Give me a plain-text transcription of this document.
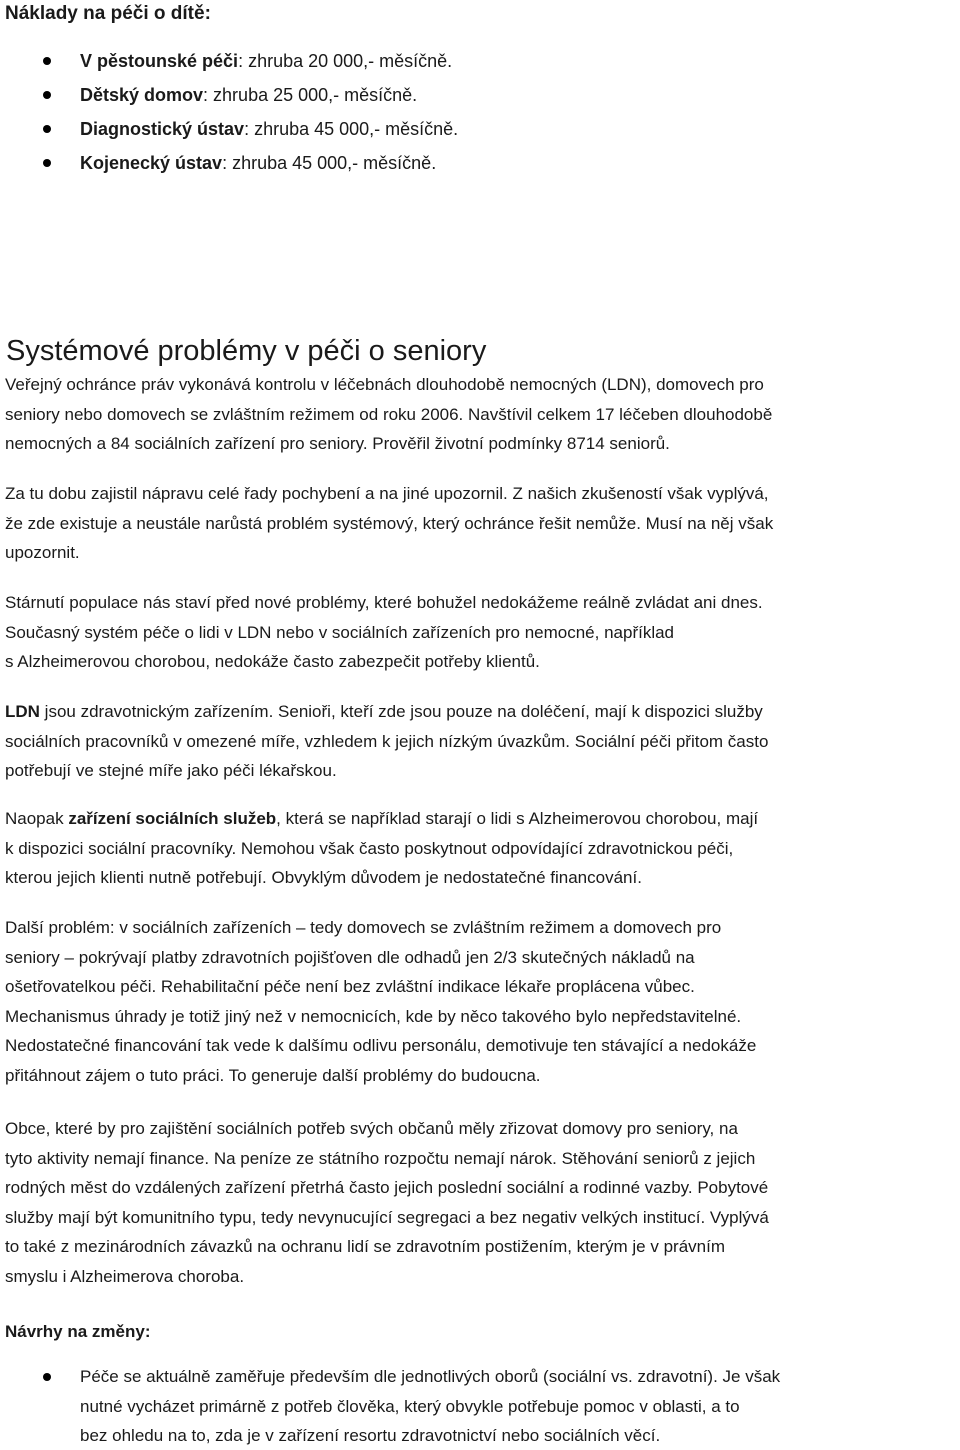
Náklady na péči o dítě:
V pěstounské péči: zhruba 20 000,- měsíčně.
Dětský domov: zhruba 25 000,- měsíčně.
Diagnostický ústav: zhruba 45 000,- měsíčně.
Kojenecký ústav: zhruba 45 000,- měsíčně.
Systémové problémy v péči o seniory
Veřejný ochránce práv vykonává kontrolu v léčebnách dlouhodobě nemocných (LDN), domovech pro
seniory nebo domovech se zvláštním režimem od roku 2006. Navštívil celkem 17 léčeben dlouhodobě
nemocných a 84 sociálních zařízení pro seniory. Prověřil životní podmínky 8714 seniorů.
Za tu dobu zajistil nápravu celé řady pochybení a na jiné upozornil. Z našich zkušeností však vyplývá,
že zde existuje a neustále narůstá problém systémový, který ochránce řešit nemůže. Musí na něj však
upozornit.
Stárnutí populace nás staví před nové problémy, které bohužel nedokážeme reálně zvládat ani dnes.
Současný systém péče o lidi v LDN nebo v sociálních zařízeních pro nemocné, například
s Alzheimerovou chorobou, nedokáže často zabezpečit potřeby klientů.
LDN jsou zdravotnickým zařízením. Senioři, kteří zde jsou pouze na doléčení, mají k dispozici služby
sociálních pracovníků v omezené míře, vzhledem k jejich nízkým úvazkům. Sociální péči přitom často
potřebují ve stejné míře jako péči lékařskou.
Naopak zařízení sociálních služeb, která se například starají o lidi s Alzheimerovou chorobou, mají
k dispozici sociální pracovníky. Nemohou však často poskytnout odpovídající zdravotnickou péči,
kterou jejich klienti nutně potřebují. Obvyklým důvodem je nedostatečné financování.
Další problém: v sociálních zařízeních – tedy domovech se zvláštním režimem a domovech pro
seniory – pokrývají platby zdravotních pojišťoven dle odhadů jen 2/3 skutečných nákladů na
ošetřovatelkou péči. Rehabilitační péče není bez zvláštní indikace lékaře proplácena vůbec.
Mechanismus úhrady je totiž jiný než v nemocnicích, kde by něco takového bylo nepředstavitelné.
Nedostatečné financování tak vede k dalšímu odlivu personálu, demotivuje ten stávající a nedokáže
přitáhnout zájem o tuto práci. To generuje další problémy do budoucna.
Obce, které by pro zajištění sociálních potřeb svých občanů měly zřizovat domovy pro seniory, na
tyto aktivity nemají finance. Na peníze ze státního rozpočtu nemají nárok. Stěhování seniorů z jejich
rodných měst do vzdálených zařízení přetrhá často jejich poslední sociální a rodinné vazby. Pobytové
služby mají být komunitního typu, tedy nevynucující segregaci a bez negativ velkých institucí. Vyplývá
to také z mezinárodních závazků na ochranu lidí se zdravotním postižením, kterým je v právním
smyslu i Alzheimerova choroba.
Návrhy na změny:
Péče se aktuálně zaměřuje především dle jednotlivých oborů (sociální vs. zdravotní). Je však
nutné vycházet primárně z potřeb člověka, který obvykle potřebuje pomoc v oblasti, a to
bez ohledu na to, zda je v zařízení resortu zdravotnictví nebo sociálních věcí.
